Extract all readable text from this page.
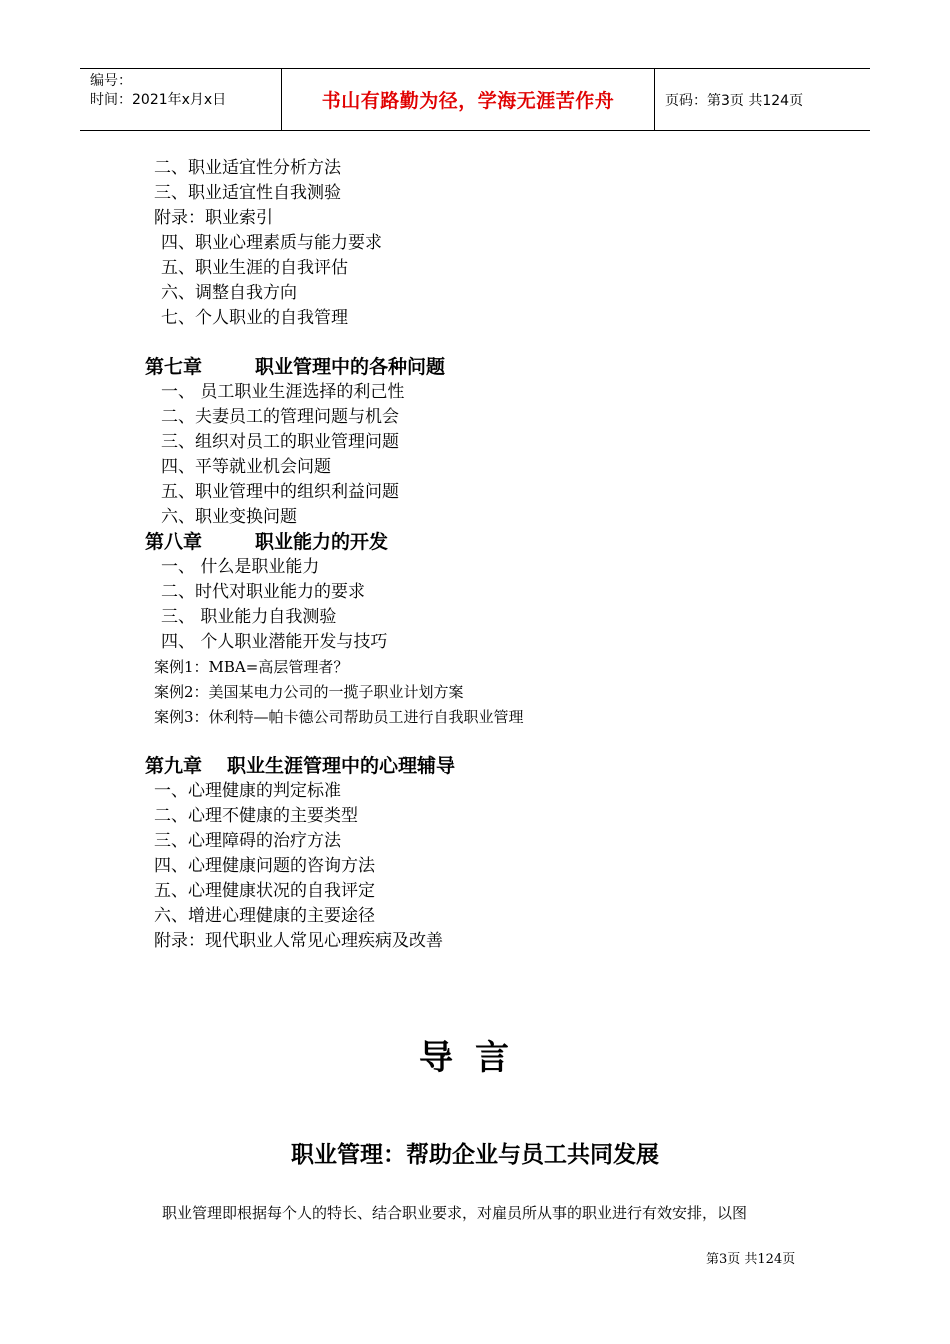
编号：
时间：2021年x月x日	书山有路勤为径，学海无涯苦作舟	页码：第3页 共124页
二、职业适宜性分析方法
三、职业适宜性自我测验
附录：职业索引
四、职业心理素质与能力要求
五、职业生涯的自我评估
六、调整自我方向
七、个人职业的自我管理
第七章	职业管理中的各种问题
一、 员工职业生涯选择的利己性
二、夫妻员工的管理问题与机会
三、组织对员工的职业管理问题
四、平等就业机会问题
五、职业管理中的组织利益问题
六、职业变换问题
第八章	职业能力的开发
一、 什么是职业能力
二、时代对职业能力的要求
三、 职业能力自我测验
四、 个人职业潜能开发与技巧
案例1：MBA=高层管理者？
案例2：美国某电力公司的一揽子职业计划方案
案例3：休利特—帕卡德公司帮助员工进行自我职业管理
第九章 职业生涯管理中的心理辅导
一、心理健康的判定标准
二、心理不健康的主要类型
三、心理障碍的治疗方法
四、心理健康问题的咨询方法
五、心理健康状况的自我评定
六、增进心理健康的主要途径
附录：现代职业人常见心理疾病及改善
导言
职业管理：帮助企业与员工共同发展
职业管理即根据每个人的特长、结合职业要求，对雇员所从事的职业进行有效安排，以图
第3页 共124页
